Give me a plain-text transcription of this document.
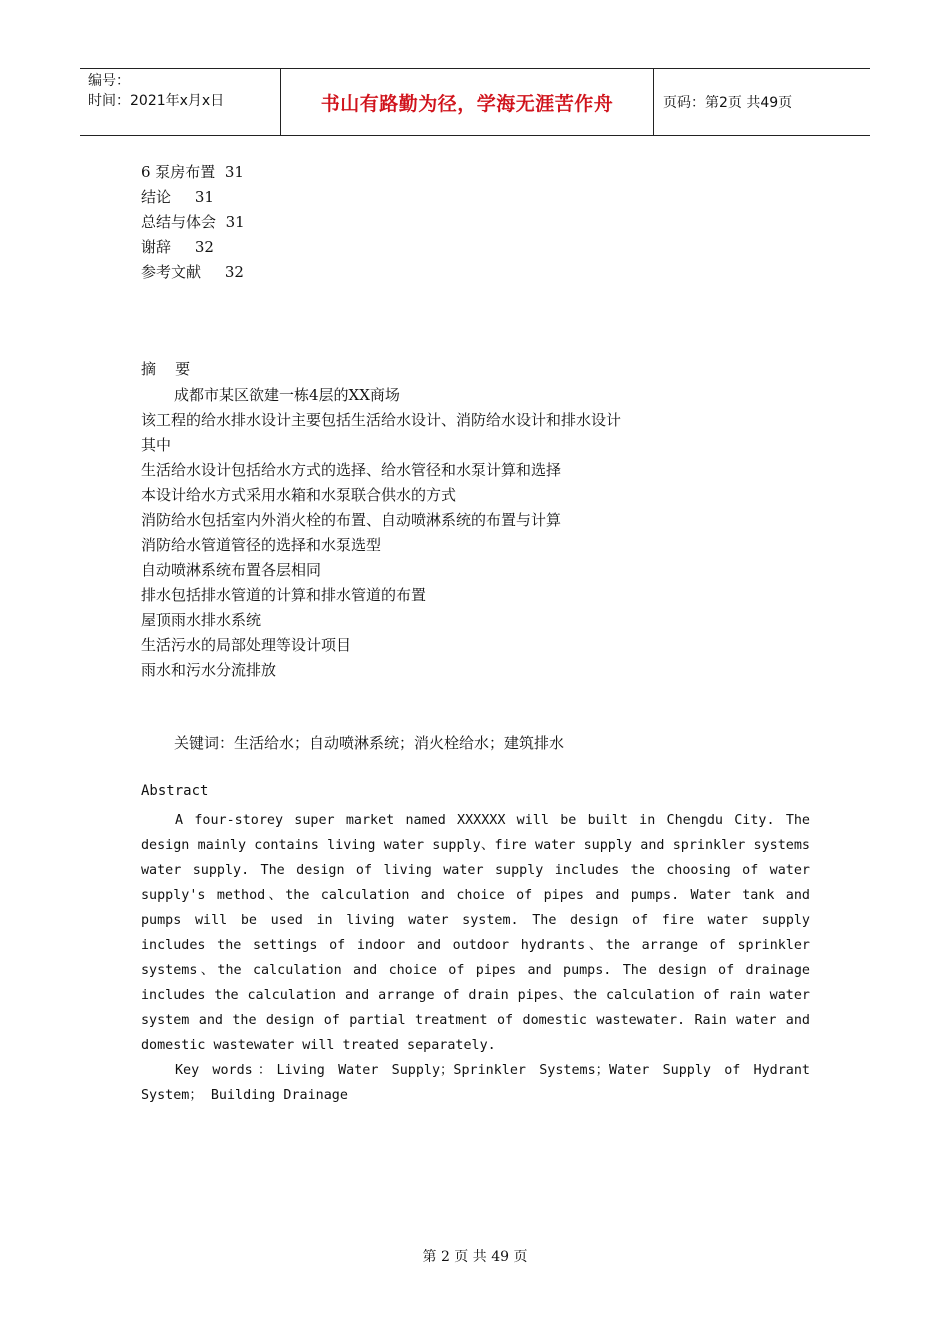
编号：
时间：2021年x月x日	书山有路勤为径，学海无涯苦作舟	页码：第2页 共49页
6 泵房布置 31
结论 31
总结与体会 31
谢辞 32
参考文献 32
摘    要
成都市某区欲建一栋4层的XX商场
该工程的给水排水设计主要包括生活给水设计、消防给水设计和排水设计
其中
生活给水设计包括给水方式的选择、给水管径和水泵计算和选择
本设计给水方式采用水箱和水泵联合供水的方式
消防给水包括室内外消火栓的布置、自动喷淋系统的布置与计算
消防给水管道管径的选择和水泵选型
自动喷淋系统布置各层相同
排水包括排水管道的计算和排水管道的布置
屋顶雨水排水系统
生活污水的局部处理等设计项目
雨水和污水分流排放
关键词：生活给水；自动喷淋系统；消火栓给水；建筑排水
Abstract

A four-storey super market named XXXXXX will be built in Chengdu City. The design mainly contains living water supply、fire water supply and sprinkler systems water supply. The design of living water supply includes the choosing of water supply's method、the calculation and choice of pipes and pumps. Water tank and pumps will be used in living water system. The design of fire water supply includes the settings of indoor and outdoor hydrants、the arrange of sprinkler systems、the calculation and choice of pipes and pumps. The design of drainage includes the calculation and arrange of drain pipes、the calculation of rain water system and the design of partial treatment of domestic wastewater. Rain water and domestic wastewater will treated separately.

Key words：Living Water Supply；Sprinkler Systems；Water Supply of Hydrant System； Building Drainage

第 2 页 共 49 页
